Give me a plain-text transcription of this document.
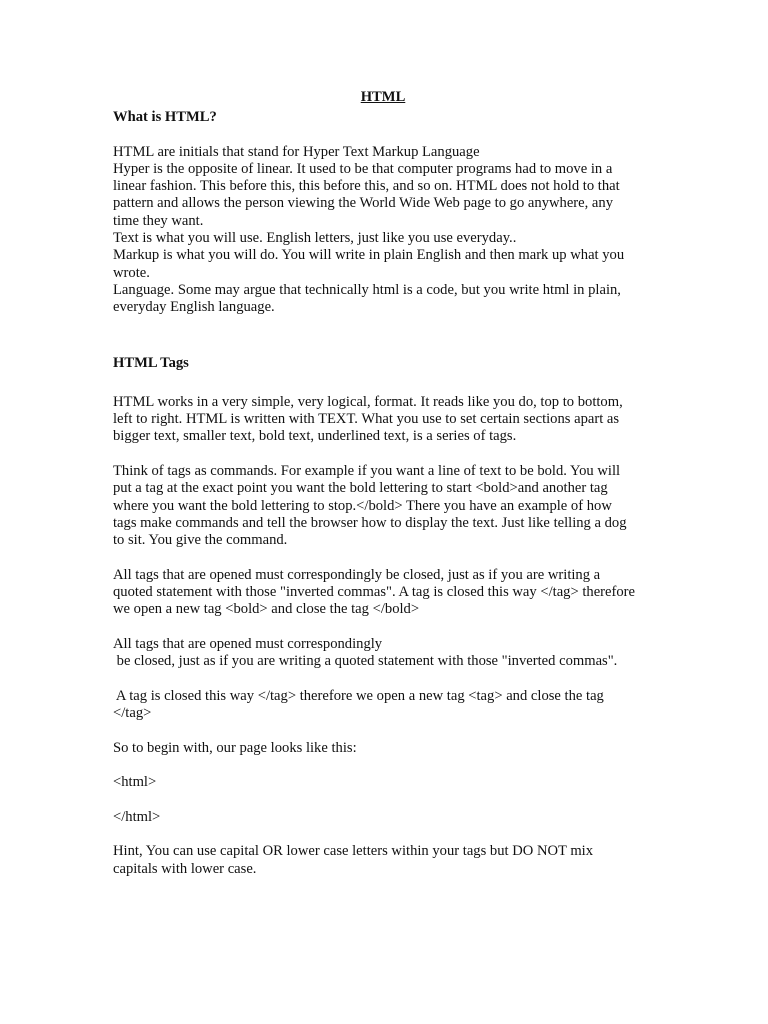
HTML

What is HTML?

HTML are initials that stand for Hyper Text Markup Language

Hyper is the opposite of linear. It used to be that computer programs had to move in a

linear fashion. This before this, this before this, and so on. HTML does not hold to that

pattern and allows the person viewing the World Wide Web page to go anywhere, any

time they want.

Text is what you will use. English letters, just like you use everyday..

Markup is what you will do. You will write in plain English and then mark up what you

wrote.

Language. Some may argue that technically html is a code, but you write html in plain,

everyday English language.

HTML Tags

HTML works in a very simple, very logical, format. It reads like you do, top to bottom,

left to right. HTML is written with TEXT. What you use to set certain sections apart as

bigger text, smaller text, bold text, underlined text, is a series of tags.

Think of tags as commands. For example if you want a line of text to be bold. You will

put a tag at the exact point you want the bold lettering to start <bold>and another tag

where you want the bold lettering to stop.</bold> There you have an example of how

tags make commands and tell the browser how to display the text. Just like telling a dog

to sit. You give the command.

All tags that are opened must correspondingly be closed, just as if you are writing a

quoted statement with those "inverted commas". A tag is closed this way </tag> therefore

we open a new tag <bold> and close the tag </bold>

All tags that are opened must correspondingly

be closed, just as if you are writing a quoted statement with those "inverted commas".

A tag is closed this way </tag> therefore we open a new tag <tag> and close the tag

</tag>

So to begin with, our page looks like this:

<html>

</html>

Hint, You can use capital OR lower case letters within your tags but DO NOT mix

capitals with lower case.
